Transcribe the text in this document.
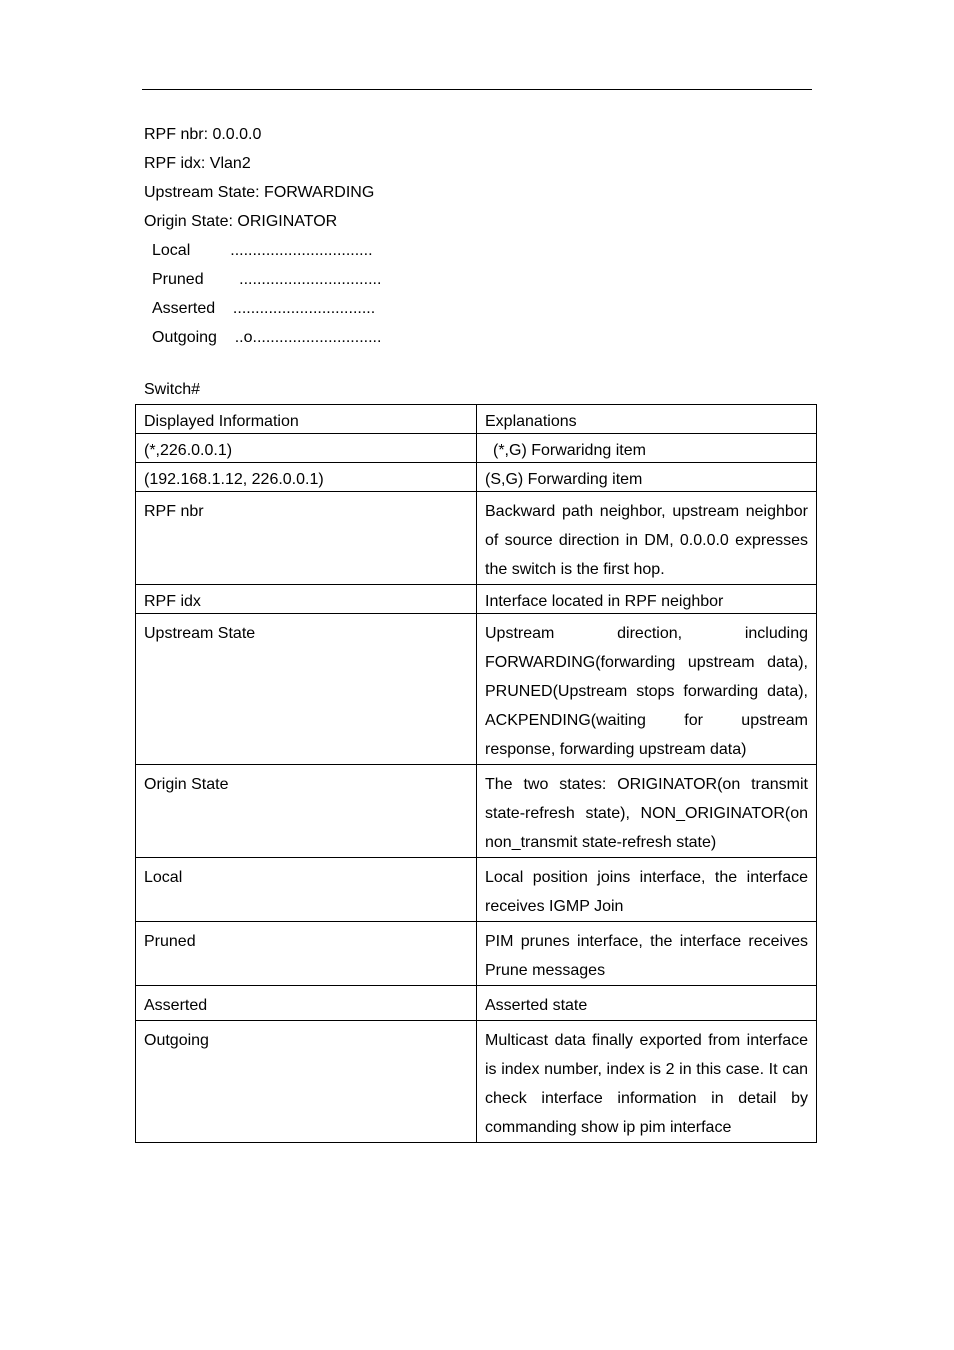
RPF nbr: 0.0.0.0
RPF idx: Vlan2
Upstream State: FORWARDING
Origin State: ORIGINATOR
Local         ................................
Pruned        ................................
Asserted    ................................
Outgoing    ..o.............................
Switch#
Displayed Information	Explanations
(*,226.0.0.1)	(*,G) Forwaridng item
(192.168.1.12, 226.0.0.1)	(S,G) Forwarding item
RPF nbr	Backward path neighbor, upstream neighbor of source direction in DM, 0.0.0.0 expresses the switch is the first hop.
RPF idx	Interface located in RPF neighbor
Upstream State	Upstream direction, including FORWARDING(forwarding upstream data), PRUNED(Upstream stops forwarding data), ACKPENDING(waiting for upstream response, forwarding upstream data)
Origin State	The two states: ORIGINATOR(on transmit state-refresh state), NON_ORIGINATOR(on non_transmit state-refresh state)
Local	Local position joins interface, the interface receives IGMP Join
Pruned	PIM prunes interface, the interface receives Prune messages
Asserted	Asserted state
Outgoing	Multicast data finally exported from interface is index number, index is 2 in this case. It can check interface information in detail by commanding show ip pim interface
